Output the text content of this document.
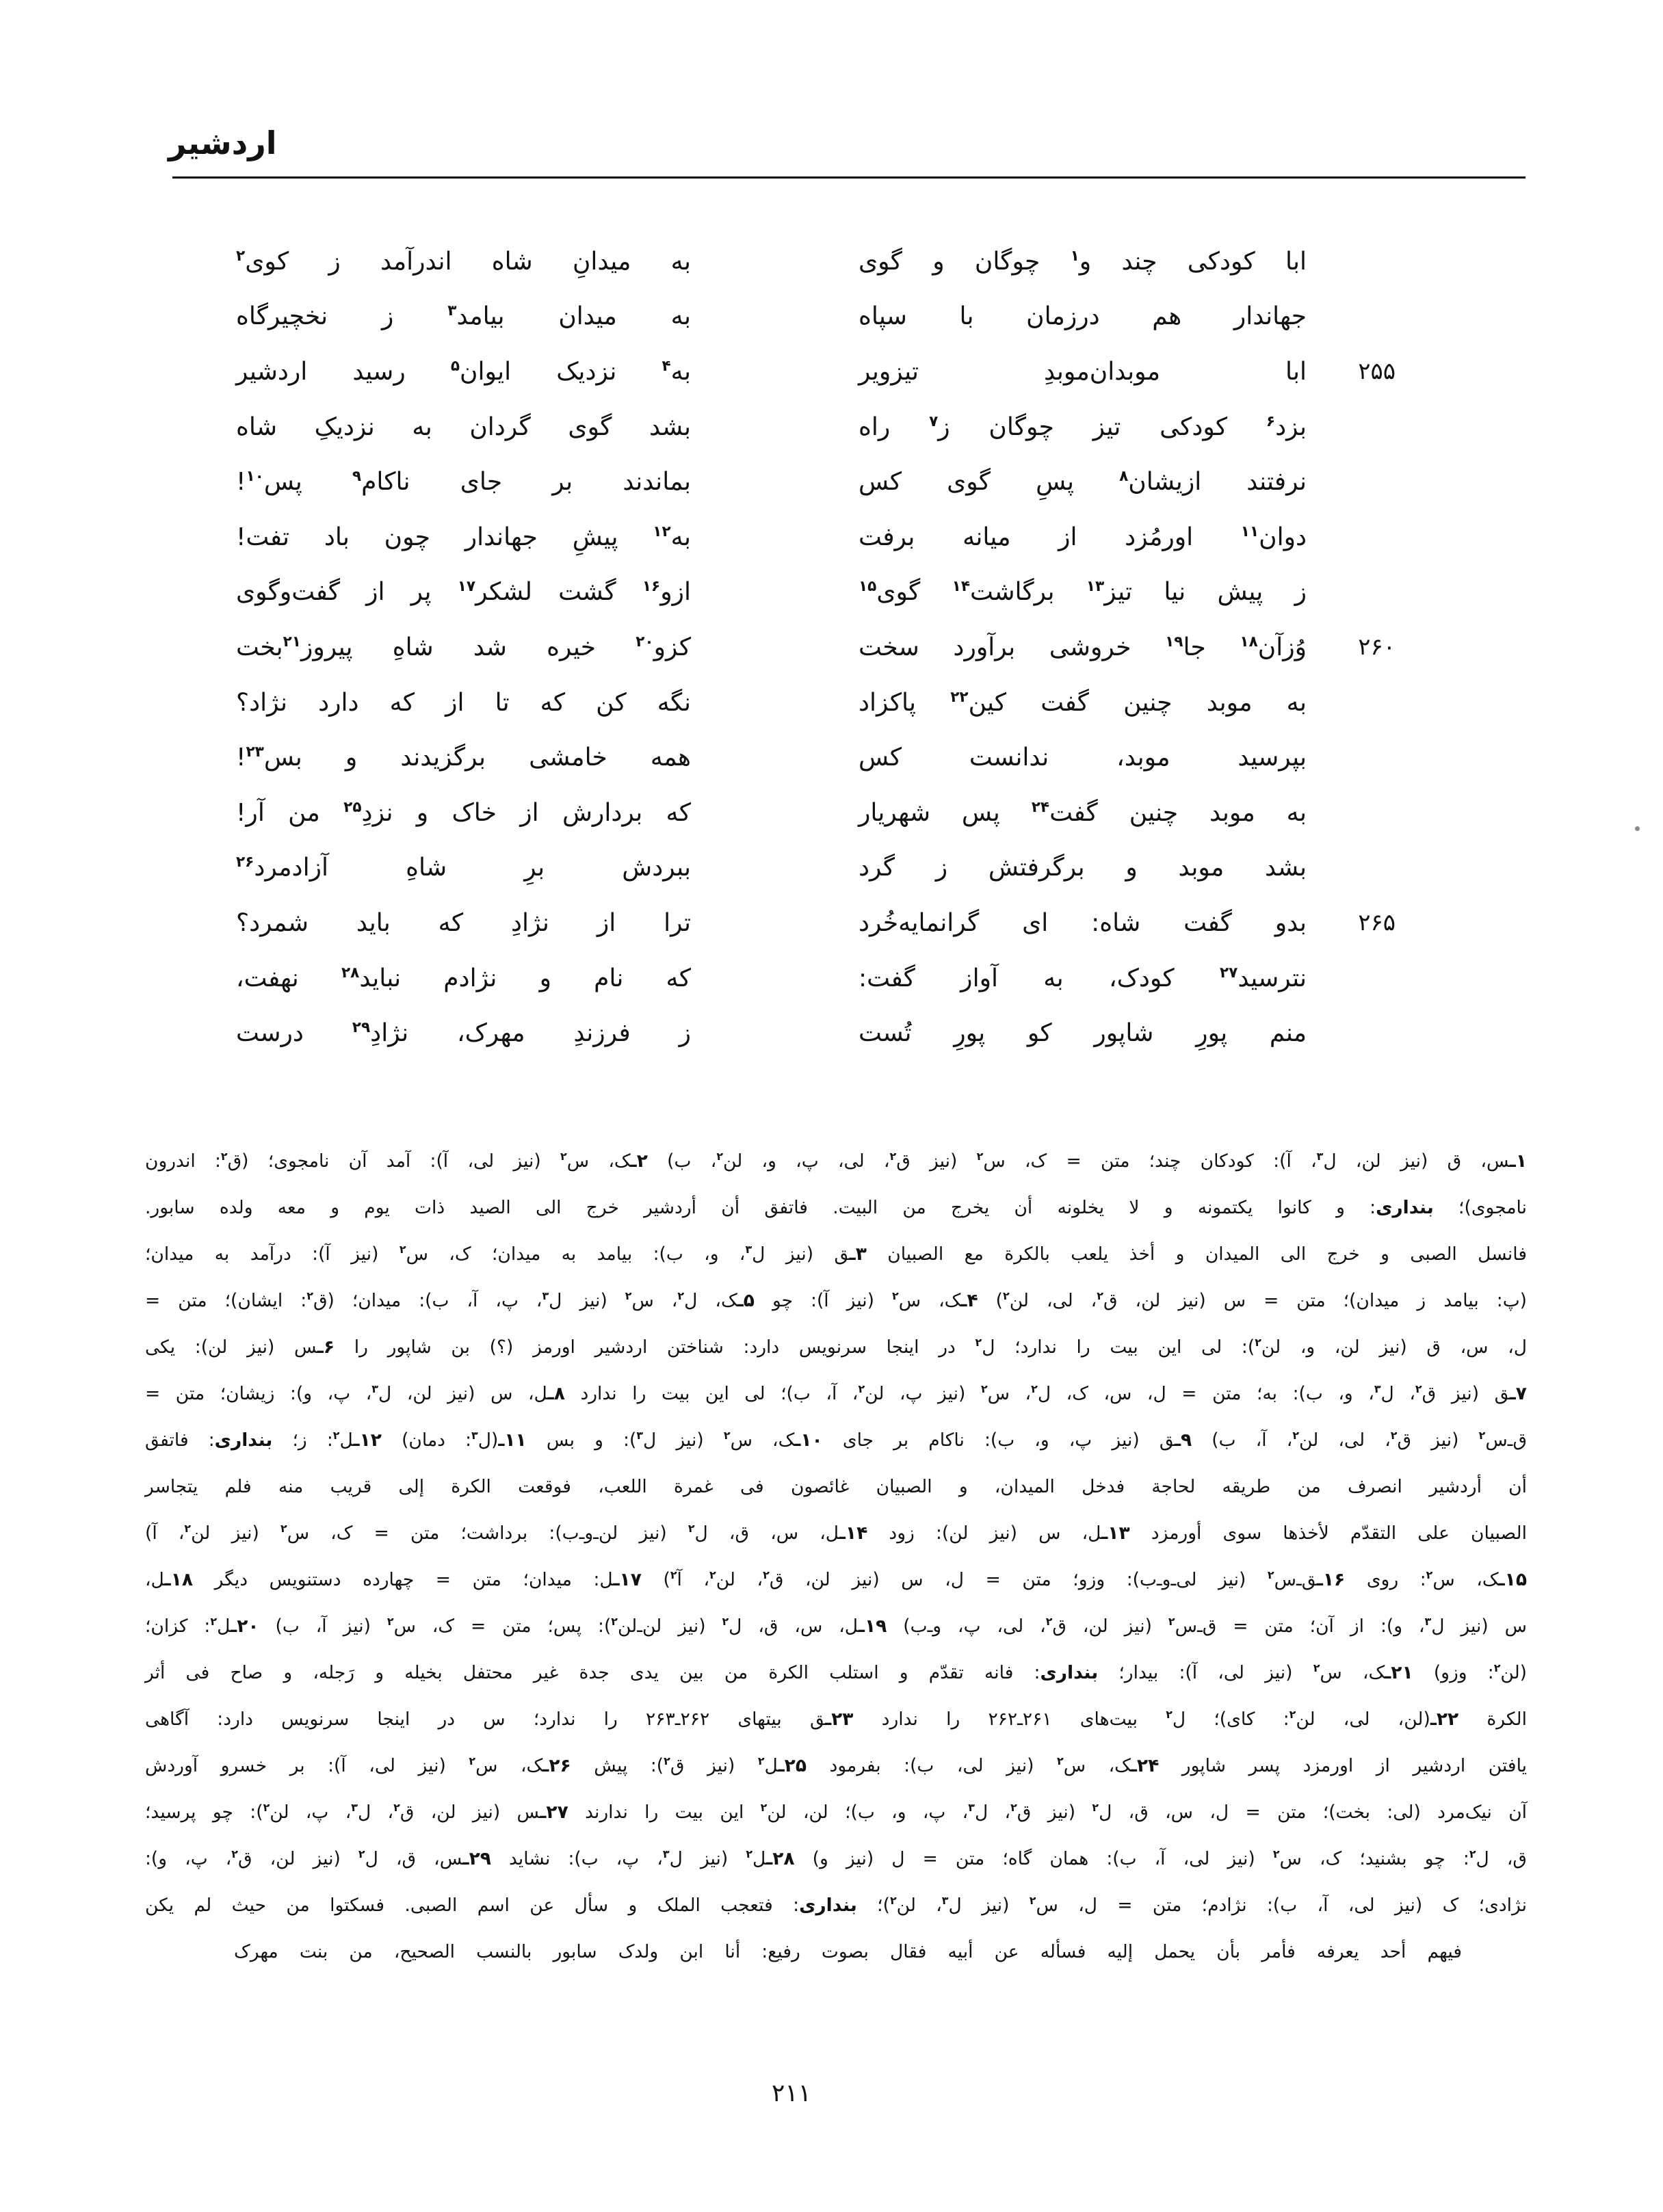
اردشیر
ابا کودکی چند و$^۱$ چوگان و گوی
به میدانِ شاه اندرآمد ز کوی$^۲$
جهاندار هم درزمان با سپاه
به میدان بیامد$^۳$ ز نخچیرگاه
۲۵۵
ابا موبدان‌موبدِ تیزویر
به$^۴$ نزدیک ایوان$^۵$ رسید اردشیر
بزد$^۶$ کودکی تیز چوگان ز$^۷$ راه
بشد گوی گردان به نزدیکِ شاه
نرفتند ازیشان$^۸$ پسِ گوی کس
بماندند بر جای ناکام$^۹$ پس$^{۱۰}$!
دوان$^{۱۱}$ اورمُزد از میانه برفت
به$^{۱۲}$ پیشِ جهاندار چون باد تفت!
ز پیش نیا تیز$^{۱۳}$ برگاشت$^{۱۴}$ گوی$^{۱۵}$
ازو$^{۱۶}$ گشت لشکر$^{۱۷}$ پر از گفت‌وگوی
۲۶۰
وُزآن$^{۱۸}$ جا$^{۱۹}$ خروشی برآورد سخت
کزو$^{۲۰}$ خیره شد شاهِ پیروز$^{۲۱}$بخت
به موبد چنین گفت کین$^{۲۲}$ پاکزاد
نگه کن که تا از که دارد نژاد؟
بپرسید موبد، ندانست کس
همه خامشی برگزیدند و بس$^{۲۳}$!
به موبد چنین گفت$^{۲۴}$ پس شهریار
که بردارش از خاک و نزدِ$^{۲۵}$ من آر!
بشد موبد و برگرفتش ز گرد
ببردش برِ شاهِ آزادمرد$^{۲۶}$
۲۶۵
بدو گفت شاه: ای گرانمایه‌خُرد
ترا از نژادِ که باید شمرد؟
نترسید$^{۲۷}$ کودک، به آواز گفت:
که نام و نژادم نباید$^{۲۸}$ نهفت،
منم پورِ شاپور کو پورِ تُست
ز فرزندِ مهرک، نژادِ$^{۲۹}$ درست
۱ـس، ق (نیز لن، ل$^۳$، آ): کودکان چند؛ متن = ک، س$^۲$ (نیز ق$^۲$، لی، پ، و، لن$^۲$، ب) ۲ـک، س$^۲$ (نیز لی، آ): آمد آن نامجوی؛ (ق$^۲$: اندرون
نامجوی)؛ بنداری: و کانوا یکتمونه و لا یخلونه أن یخرج من البیت. فاتفق أن أردشیر خرج الی الصید ذات یوم و معه ولده سابور.
فانسل الصبی و خرج الی المیدان و أخذ یلعب بالکرة مع الصبیان ۳ـق (نیز ل$^۳$، و، ب): بیامد به میدان؛ ک، س$^۲$ (نیز آ): درآمد به میدان؛
(پ: بیامد ز میدان)؛ متن = س (نیز لن، ق$^۲$، لی، لن$^۲$) ۴ـک، س$^۲$ (نیز آ): چو ۵ـک، ل$^۲$، س$^۲$ (نیز ل$^۳$، پ، آ، ب): میدان؛ (ق$^۲$: ایشان)؛ متن =
ل، س، ق (نیز لن، و، لن$^۲$): لی این بیت را ندارد؛ ل$^۲$ در اینجا سرنویس دارد: شناختن اردشیر اورمز (؟) بن شاپور را ۶ـس (نیز لن): یکی
۷ـق (نیز ق$^۲$، ل$^۳$، و، ب): به؛ متن = ل، س، ک، ل$^۲$، س$^۲$ (نیز پ، لن$^۲$، آ، ب)؛ لی این بیت را ندارد ۸ـل، س (نیز لن، ل$^۳$، پ، و): زیشان؛ متن =
ق‌ـ‌س$^۲$ (نیز ق$^۲$، لی، لن$^۲$، آ، ب) ۹ـق (نیز پ، و، ب): ناکام بر جای ۱۰ـک، س$^۲$ (نیز ل$^۳$): و بس ۱۱ـ(ل$^۳$: دمان) ۱۲ـل$^۲$: ز؛ بنداری: فاتفق
أن أردشیر انصرف من طریقه لحاجة فدخل المیدان، و الصبیان غائصون فی غمرة اللعب، فوقعت الکرة إلی قریب منه فلم یتجاسر
الصبیان علی التقدّم لأخذها سوی أورمزد ۱۳ـل، س (نیز لن): زود ۱۴ـل، س، ق، ل$^۲$ (نیز لن‌ـ‌و‌ـ‌ب): برداشت؛ متن = ک، س$^۲$ (نیز لن$^۲$، آ)
۱۵ـک، س$^۲$: روی ۱۶ـق‌ـ‌س$^۲$ (نیز لی‌ـ‌و‌ـ‌ب): وزو؛ متن = ل، س (نیز لن، ق$^۲$، لن$^۲$، آ$^۲$) ۱۷ـل: میدان؛ متن = چهارده دستنویس دیگر ۱۸ـل،
س (نیز ل$^۳$، و): از آن؛ متن = ق‌ـ‌س$^۲$ (نیز لن، ق$^۲$، لی، پ، و‌ـ‌ب) ۱۹ـل، س، ق، ل$^۲$ (نیز لن‌ـ‌لن$^۲$): پس؛ متن = ک، س$^۲$ (نیز آ، ب) ۲۰ـل$^۲$: کزان؛
(لن$^۲$: وزو) ۲۱ـک، س$^۲$ (نیز لی، آ): بیدار؛ بنداری: فانه تقدّم و استلب الکرة من بین یدی جدة غیر محتفل بخیله و رَجله، و صاح فی أثر
الکرة ۲۲ـ(لن، لی، لن$^۲$: کای)؛ ل$^۲$ بیت‌های ۲۶۱ـ۲۶۲ را ندارد ۲۳ـق بیتهای ۲۶۲ـ۲۶۳ را ندارد؛ س در اینجا سرنویس دارد: آگاهی
یافتن اردشیر از اورمزد پسر شاپور ۲۴ـک، س$^۲$ (نیز لی، ب): بفرمود ۲۵ـل$^۲$ (نیز ق$^۲$): پیش ۲۶ـک، س$^۲$ (نیز لی، آ): بر خسرو آوردش
آن نیک‌مرد (لی: بخت)؛ متن = ل، س، ق، ل$^۲$ (نیز ق$^۲$، ل$^۳$، پ، و، ب)؛ لن، لن$^۲$ این بیت را ندارند ۲۷ـس (نیز لن، ق$^۲$، ل$^۳$، پ، لن$^۲$): چو پرسید؛
ق، ل$^۲$: چو بشنید؛ ک، س$^۲$ (نیز لی، آ، ب): همان گاه؛ متن = ل (نیز و) ۲۸ـل$^۲$ (نیز ل$^۳$، پ، ب): نشاید ۲۹ـس، ق، ل$^۲$ (نیز لن، ق$^۲$، پ، و):
نژادی؛ ک (نیز لی، آ، ب): نژادم؛ متن = ل، س$^۲$ (نیز ل$^۳$، لن$^۲$)؛ بنداری: فتعجب الملک و سأل عن اسم الصبی. فسکتوا من حیث لم یکن
فیهم أحد یعرفه فأمر بأن یحمل إلیه فسأله عن أبیه فقال بصوت رفیع: أنا ابن ولدک سابور بالنسب الصحیح، من بنت مهرک
۲۱۱
